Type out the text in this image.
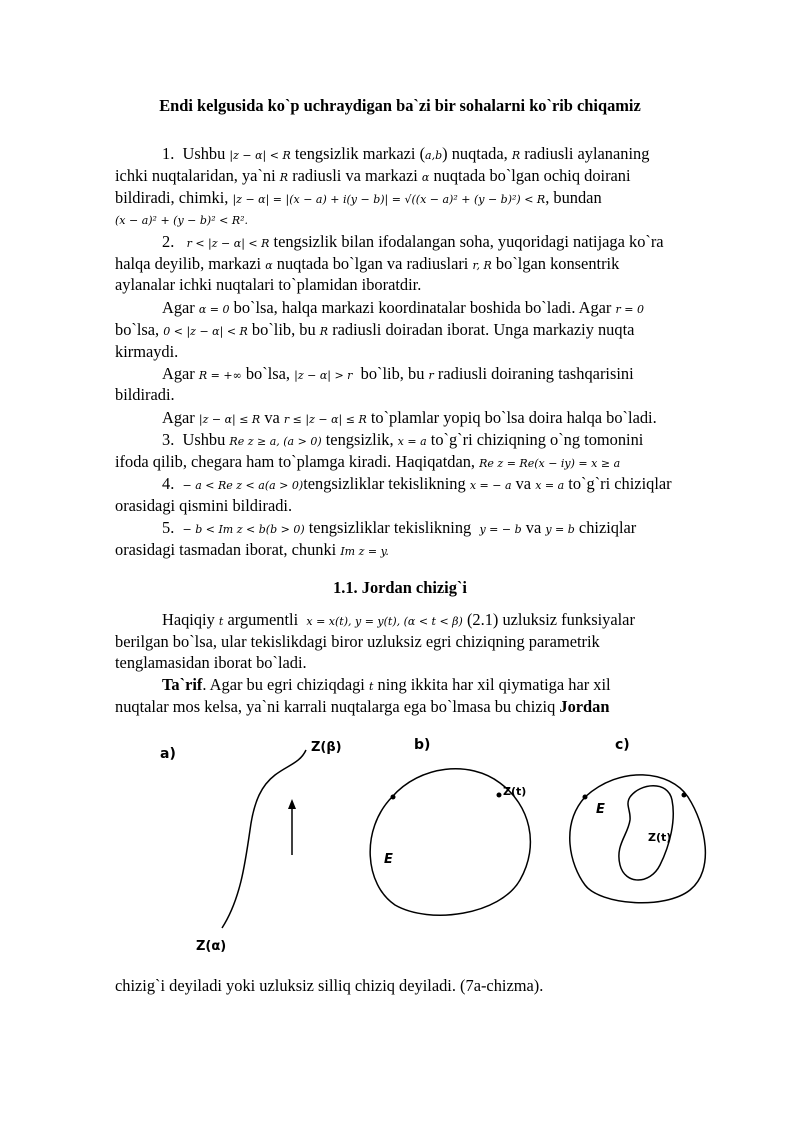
Endi kelgusida ko`p uchraydigan ba`zi bir sohalarni ko`rib chiqamiz
1. Ushbu |z − α| < R tengsizlik markazi (a,b) nuqtada, R radiusli aylananing
ichki nuqtalaridan, ya`ni R radiusli va markazi α nuqtada bo`lgan ochiq doirani
bildiradi, chimki, |z − α| = |(x − a) + i(y − b)| = √((x − a)² + (y − b)²) < R, bundan
(x − a)² + (y − b)² < R².
2. r < |z − α| < R tengsizlik bilan ifodalangan soha, yuqoridagi natijaga ko`ra
halqa deyilib, markazi α nuqtada bo`lgan va radiuslari r, R bo`lgan konsentrik
aylanalar ichki nuqtalari to`plamidan iboratdir.
Agar α = 0 bo`lsa, halqa markazi koordinatalar boshida bo`ladi. Agar r = 0
bo`lsa, 0 < |z − α| < R bo`lib, bu R radiusli doiradan iborat. Unga markaziy nuqta
kirmaydi.
Agar R = +∞ bo`lsa, |z − α| > r bo`lib, bu r radiusli doiraning tashqarisini
bildiradi.
Agar |z − α| ≤ R va r ≤ |z − α| ≤ R to`plamlar yopiq bo`lsa doira halqa bo`ladi.
3. Ushbu Re z ≥ a, (a > 0) tengsizlik, x = a to`g`ri chiziqning o`ng tomonini
ifoda qilib, chegara ham to`plamga kiradi. Haqiqatdan, Re z = Re(x − iy) = x ≥ a
4. − a < Re z < a(a > 0)tengsizliklar tekislikning x = − a va x = a to`g`ri chiziqlar
orasidagi qismini bildiradi.
5. − b < Im z < b(b > 0) tengsizliklar tekislikning y = − b va y = b chiziqlar
orasidagi tasmadan iborat, chunki Im z = y.
1.1. Jordan chizig`i
Haqiqiy t argumentli x = x(t), y = y(t), (α < t < β) (2.1) uzluksiz funksiyalar
berilgan bo`lsa, ular tekislikdagi biror uzluksiz egri chiziqning parametrik
tenglamasidan iborat bo`ladi.
Ta`rif. Agar bu egri chiziqdagi t ning ikkita har xil qiymatiga har xil
nuqtalar mos kelsa, ya`ni karrali nuqtalarga ega bo`lmasa bu chiziq Jordan
a)	Z(β)
Z(α)
b)
Z(t)
E
c)
E
Z(t)
chizig`i deyiladi yoki uzluksiz silliq chiziq deyiladi. (7a-chizma).
